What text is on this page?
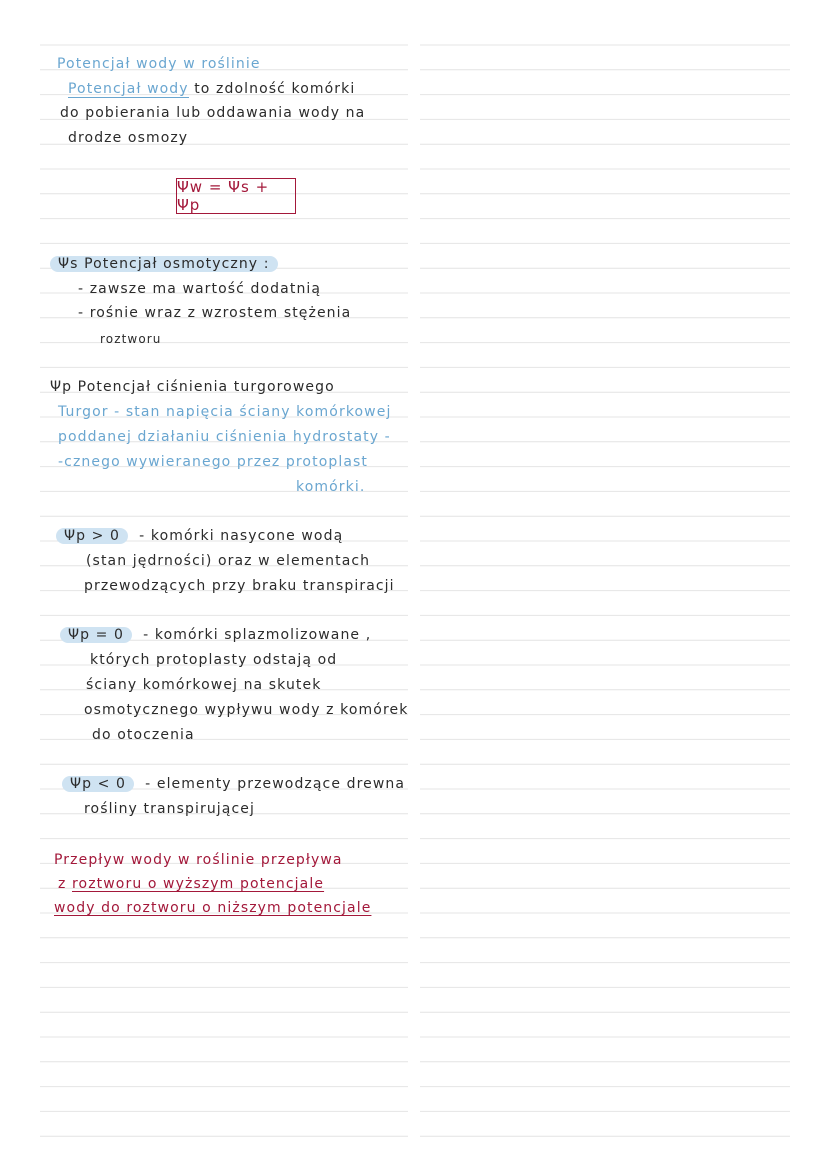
Potencjał wody w roślinie
Potencjał wody to zdolność komórki
do pobierania lub oddawania wody na
drodze osmozy
Ψw = Ψs + Ψp
Ψs Potencjał osmotyczny :
- zawsze ma wartość dodatnią
- rośnie wraz z wzrostem stężenia
roztworu
Ψp Potencjał ciśnienia turgorowego
Turgor - stan napięcia ściany komórkowej
poddanej działaniu ciśnienia hydrostaty -
-cznego wywieranego przez protoplast
komórki.
Ψp > 0 - komórki nasycone wodą
(stan jędrności) oraz w elementach
przewodzących przy braku transpiracji
Ψp = 0 - komórki splazmolizowane ,
których protoplasty odstają od
ściany komórkowej na skutek
osmotycznego wypływu wody z komórek
do otoczenia
Ψp < 0 - elementy przewodzące drewna
rośliny transpirującej
Przepływ wody w roślinie przepływa
z roztworu o wyższym potencjale
wody do roztworu o niższym potencjale
